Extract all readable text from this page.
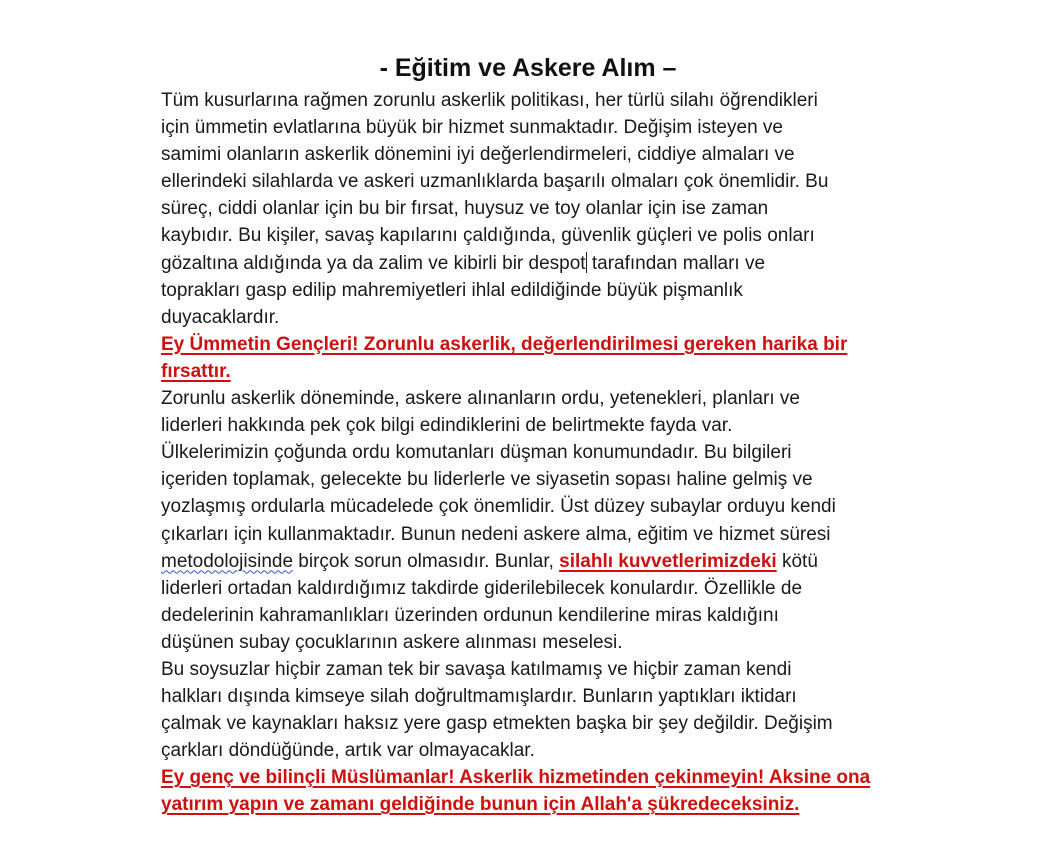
- Eğitim ve Askere Alım –
Tüm kusurlarına rağmen zorunlu askerlik politikası, her türlü silahı öğrendikleri
için ümmetin evlatlarına büyük bir hizmet sunmaktadır. Değişim isteyen ve
samimi olanların askerlik dönemini iyi değerlendirmeleri, ciddiye almaları ve
ellerindeki silahlarda ve askeri uzmanlıklarda başarılı olmaları çok önemlidir. Bu
süreç, ciddi olanlar için bu bir fırsat, huysuz ve toy olanlar için ise zaman
kaybıdır. Bu kişiler, savaş kapılarını çaldığında, güvenlik güçleri ve polis onları
gözaltına aldığında ya da zalim ve kibirli bir despot tarafından malları ve
toprakları gasp edilip mahremiyetleri ihlal edildiğinde büyük pişmanlık
duyacaklardır.
Ey Ümmetin Gençleri! Zorunlu askerlik, değerlendirilmesi gereken harika bir
fırsattır.
Zorunlu askerlik döneminde, askere alınanların ordu, yetenekleri, planları ve
liderleri hakkında pek çok bilgi edindiklerini de belirtmekte fayda var.
Ülkelerimizin çoğunda ordu komutanları düşman konumundadır. Bu bilgileri
içeriden toplamak, gelecekte bu liderlerle ve siyasetin sopası haline gelmiş ve
yozlaşmış ordularla mücadelede çok önemlidir. Üst düzey subaylar orduyu kendi
çıkarları için kullanmaktadır. Bunun nedeni askere alma, eğitim ve hizmet süresi
metodolojisinde birçok sorun olmasıdır. Bunlar, silahlı kuvvetlerimizdeki kötü
liderleri ortadan kaldırdığımız takdirde giderilebilecek konulardır. Özellikle de
dedelerinin kahramanlıkları üzerinden ordunun kendilerine miras kaldığını
düşünen subay çocuklarının askere alınması meselesi.
Bu soysuzlar hiçbir zaman tek bir savaşa katılmamış ve hiçbir zaman kendi
halkları dışında kimseye silah doğrultmamışlardır. Bunların yaptıkları iktidarı
çalmak ve kaynakları haksız yere gasp etmekten başka bir şey değildir. Değişim
çarkları döndüğünde, artık var olmayacaklar.
Ey genç ve bilinçli Müslümanlar! Askerlik hizmetinden çekinmeyin! Aksine ona
yatırım yapın ve zamanı geldiğinde bunun için Allah'a şükredeceksiniz.
